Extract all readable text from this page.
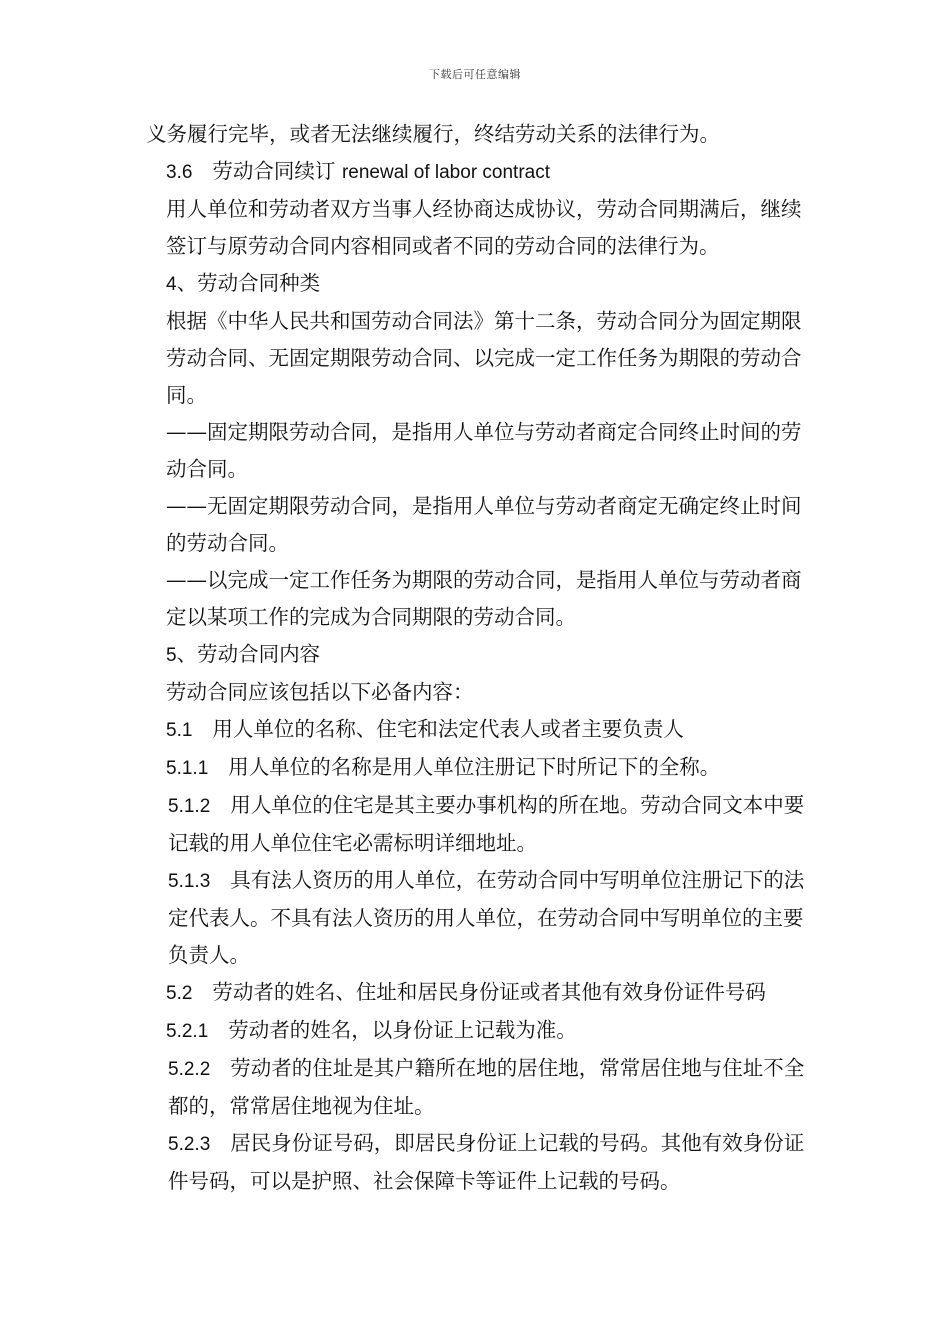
下载后可任意编辑

义务履行完毕，或者无法继续履行，终结劳动关系的法律行为。

3.6 劳动合同续订 renewal of labor contract

用人单位和劳动者双方当事人经协商达成协议，劳动合同期满后，继续签订与原劳动合同内容相同或者不同的劳动合同的法律行为。

4、劳动合同种类

根据《中华人民共和国劳动合同法》第十二条，劳动合同分为固定期限劳动合同、无固定期限劳动合同、以完成一定工作任务为期限的劳动合同。

——固定期限劳动合同，是指用人单位与劳动者商定合同终止时间的劳动合同。

——无固定期限劳动合同，是指用人单位与劳动者商定无确定终止时间的劳动合同。

——以完成一定工作任务为期限的劳动合同，是指用人单位与劳动者商定以某项工作的完成为合同期限的劳动合同。

5、劳动合同内容

劳动合同应该包括以下必备内容：

5.1 用人单位的名称、住宅和法定代表人或者主要负责人

5.1.1 用人单位的名称是用人单位注册记下时所记下的全称。

5.1.2 用人单位的住宅是其主要办事机构的所在地。劳动合同文本中要记载的用人单位住宅必需标明详细地址。

5.1.3 具有法人资历的用人单位，在劳动合同中写明单位注册记下的法定代表人。不具有法人资历的用人单位，在劳动合同中写明单位的主要负责人。

5.2 劳动者的姓名、住址和居民身份证或者其他有效身份证件号码

5.2.1 劳动者的姓名，以身份证上记载为准。

5.2.2 劳动者的住址是其户籍所在地的居住地，常常居住地与住址不全都的，常常居住地视为住址。

5.2.3 居民身份证号码，即居民身份证上记载的号码。其他有效身份证件号码，可以是护照、社会保障卡等证件上记载的号码。
